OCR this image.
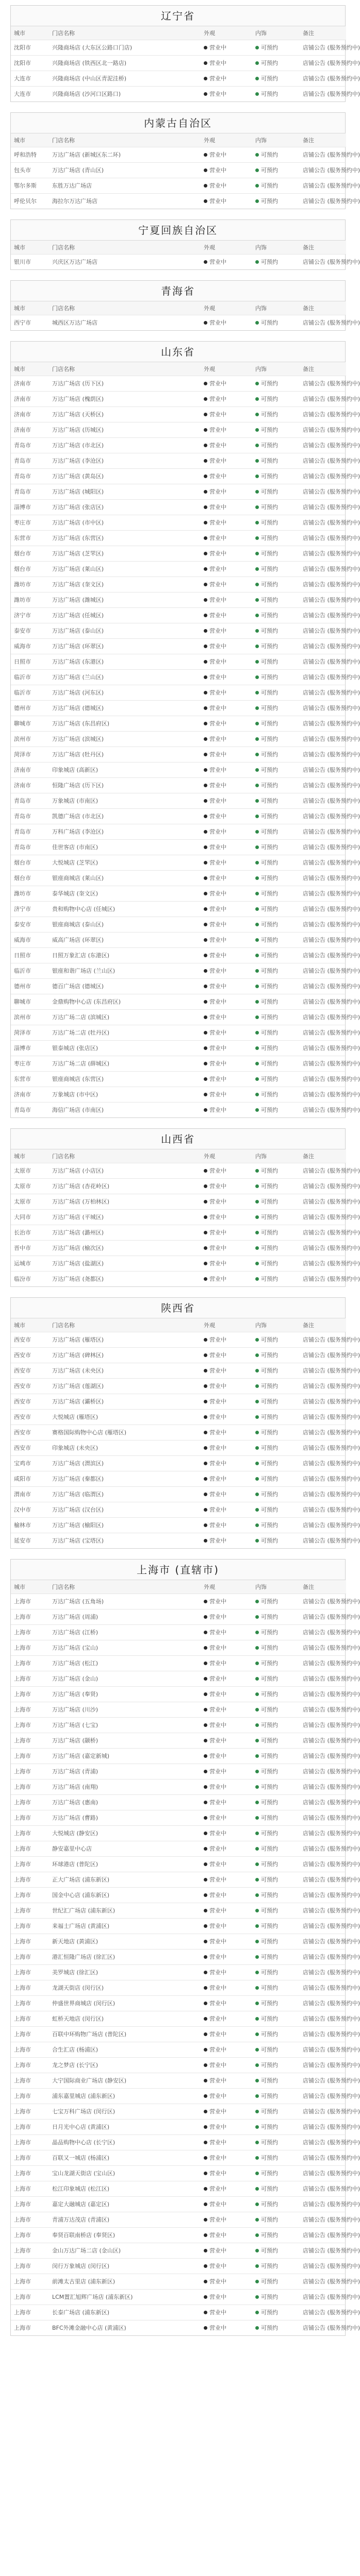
辽宁省
城市	门店名称	外观	内饰	备注
沈阳市	兴隆商场店 (大东区公路口门店)	营业中	可预约	店铺公告 (服务预约中)
沈阳市	兴隆商场店 (铁西区北一路店)	营业中	可预约	店铺公告 (服务预约中)
大连市	兴隆商场店 (中山区青泥洼桥)	营业中	可预约	店铺公告 (服务预约中)
大连市	兴隆商场店 (沙河口区路口)	营业中	可预约	店铺公告 (服务预约中)
内蒙古自治区
城市	门店名称	外观	内饰	备注
呼和浩特	万达广场店 (新城区东二环)	营业中	可预约	店铺公告 (服务预约中)
包头市	万达广场店 (青山区)	营业中	可预约	店铺公告 (服务预约中)
鄂尔多斯	东胜万达广场店	营业中	可预约	店铺公告 (服务预约中)
呼伦贝尔	海拉尔万达广场店	营业中	可预约	店铺公告 (服务预约中)
宁夏回族自治区
城市	门店名称	外观	内饰	备注
银川市	兴庆区万达广场店	营业中	可预约	店铺公告 (服务预约中)
青海省
城市	门店名称	外观	内饰	备注
西宁市	城西区万达广场店	营业中	可预约	店铺公告 (服务预约中)
山东省
城市	门店名称	外观	内饰	备注
济南市	万达广场店 (历下区)	营业中	可预约	店铺公告 (服务预约中)
济南市	万达广场店 (槐荫区)	营业中	可预约	店铺公告 (服务预约中)
济南市	万达广场店 (天桥区)	营业中	可预约	店铺公告 (服务预约中)
济南市	万达广场店 (历城区)	营业中	可预约	店铺公告 (服务预约中)
青岛市	万达广场店 (市北区)	营业中	可预约	店铺公告 (服务预约中)
青岛市	万达广场店 (李沧区)	营业中	可预约	店铺公告 (服务预约中)
青岛市	万达广场店 (黄岛区)	营业中	可预约	店铺公告 (服务预约中)
青岛市	万达广场店 (城阳区)	营业中	可预约	店铺公告 (服务预约中)
淄博市	万达广场店 (张店区)	营业中	可预约	店铺公告 (服务预约中)
枣庄市	万达广场店 (市中区)	营业中	可预约	店铺公告 (服务预约中)
东营市	万达广场店 (东营区)	营业中	可预约	店铺公告 (服务预约中)
烟台市	万达广场店 (芝罘区)	营业中	可预约	店铺公告 (服务预约中)
烟台市	万达广场店 (莱山区)	营业中	可预约	店铺公告 (服务预约中)
潍坊市	万达广场店 (奎文区)	营业中	可预约	店铺公告 (服务预约中)
潍坊市	万达广场店 (潍城区)	营业中	可预约	店铺公告 (服务预约中)
济宁市	万达广场店 (任城区)	营业中	可预约	店铺公告 (服务预约中)
泰安市	万达广场店 (泰山区)	营业中	可预约	店铺公告 (服务预约中)
威海市	万达广场店 (环翠区)	营业中	可预约	店铺公告 (服务预约中)
日照市	万达广场店 (东港区)	营业中	可预约	店铺公告 (服务预约中)
临沂市	万达广场店 (兰山区)	营业中	可预约	店铺公告 (服务预约中)
临沂市	万达广场店 (河东区)	营业中	可预约	店铺公告 (服务预约中)
德州市	万达广场店 (德城区)	营业中	可预约	店铺公告 (服务预约中)
聊城市	万达广场店 (东昌府区)	营业中	可预约	店铺公告 (服务预约中)
滨州市	万达广场店 (滨城区)	营业中	可预约	店铺公告 (服务预约中)
菏泽市	万达广场店 (牡丹区)	营业中	可预约	店铺公告 (服务预约中)
济南市	印象城店 (高新区)	营业中	可预约	店铺公告 (服务预约中)
济南市	恒隆广场店 (历下区)	营业中	可预约	店铺公告 (服务预约中)
青岛市	万象城店 (市南区)	营业中	可预约	店铺公告 (服务预约中)
青岛市	凯德广场店 (市北区)	营业中	可预约	店铺公告 (服务预约中)
青岛市	万科广场店 (李沧区)	营业中	可预约	店铺公告 (服务预约中)
青岛市	佳世客店 (市南区)	营业中	可预约	店铺公告 (服务预约中)
烟台市	大悦城店 (芝罘区)	营业中	可预约	店铺公告 (服务预约中)
烟台市	银座商城店 (莱山区)	营业中	可预约	店铺公告 (服务预约中)
潍坊市	泰华城店 (奎文区)	营业中	可预约	店铺公告 (服务预约中)
济宁市	贵和购物中心店 (任城区)	营业中	可预约	店铺公告 (服务预约中)
泰安市	银座商城店 (泰山区)	营业中	可预约	店铺公告 (服务预约中)
威海市	威高广场店 (环翠区)	营业中	可预约	店铺公告 (服务预约中)
日照市	日照万象汇店 (东港区)	营业中	可预约	店铺公告 (服务预约中)
临沂市	银座和谐广场店 (兰山区)	营业中	可预约	店铺公告 (服务预约中)
德州市	德百广场店 (德城区)	营业中	可预约	店铺公告 (服务预约中)
聊城市	金鼎购物中心店 (东昌府区)	营业中	可预约	店铺公告 (服务预约中)
滨州市	万达广场二店 (滨城区)	营业中	可预约	店铺公告 (服务预约中)
菏泽市	万达广场二店 (牡丹区)	营业中	可预约	店铺公告 (服务预约中)
淄博市	银泰城店 (张店区)	营业中	可预约	店铺公告 (服务预约中)
枣庄市	万达广场二店 (薛城区)	营业中	可预约	店铺公告 (服务预约中)
东营市	银座商城店 (东营区)	营业中	可预约	店铺公告 (服务预约中)
济南市	万象城店 (市中区)	营业中	可预约	店铺公告 (服务预约中)
青岛市	海信广场店 (市南区)	营业中	可预约	店铺公告 (服务预约中)
山西省
城市	门店名称	外观	内饰	备注
太原市	万达广场店 (小店区)	营业中	可预约	店铺公告 (服务预约中)
太原市	万达广场店 (杏花岭区)	营业中	可预约	店铺公告 (服务预约中)
太原市	万达广场店 (万柏林区)	营业中	可预约	店铺公告 (服务预约中)
大同市	万达广场店 (平城区)	营业中	可预约	店铺公告 (服务预约中)
长治市	万达广场店 (潞州区)	营业中	可预约	店铺公告 (服务预约中)
晋中市	万达广场店 (榆次区)	营业中	可预约	店铺公告 (服务预约中)
运城市	万达广场店 (盐湖区)	营业中	可预约	店铺公告 (服务预约中)
临汾市	万达广场店 (尧都区)	营业中	可预约	店铺公告 (服务预约中)
陕西省
城市	门店名称	外观	内饰	备注
西安市	万达广场店 (雁塔区)	营业中	可预约	店铺公告 (服务预约中)
西安市	万达广场店 (碑林区)	营业中	可预约	店铺公告 (服务预约中)
西安市	万达广场店 (未央区)	营业中	可预约	店铺公告 (服务预约中)
西安市	万达广场店 (莲湖区)	营业中	可预约	店铺公告 (服务预约中)
西安市	万达广场店 (灞桥区)	营业中	可预约	店铺公告 (服务预约中)
西安市	大悦城店 (雁塔区)	营业中	可预约	店铺公告 (服务预约中)
西安市	赛格国际购物中心店 (雁塔区)	营业中	可预约	店铺公告 (服务预约中)
西安市	印象城店 (未央区)	营业中	可预约	店铺公告 (服务预约中)
宝鸡市	万达广场店 (渭滨区)	营业中	可预约	店铺公告 (服务预约中)
咸阳市	万达广场店 (秦都区)	营业中	可预约	店铺公告 (服务预约中)
渭南市	万达广场店 (临渭区)	营业中	可预约	店铺公告 (服务预约中)
汉中市	万达广场店 (汉台区)	营业中	可预约	店铺公告 (服务预约中)
榆林市	万达广场店 (榆阳区)	营业中	可预约	店铺公告 (服务预约中)
延安市	万达广场店 (宝塔区)	营业中	可预约	店铺公告 (服务预约中)
上海市 (直辖市)
城市	门店名称	外观	内饰	备注
上海市	万达广场店 (五角场)	营业中	可预约	店铺公告 (服务预约中)
上海市	万达广场店 (周浦)	营业中	可预约	店铺公告 (服务预约中)
上海市	万达广场店 (江桥)	营业中	可预约	店铺公告 (服务预约中)
上海市	万达广场店 (宝山)	营业中	可预约	店铺公告 (服务预约中)
上海市	万达广场店 (松江)	营业中	可预约	店铺公告 (服务预约中)
上海市	万达广场店 (金山)	营业中	可预约	店铺公告 (服务预约中)
上海市	万达广场店 (奉贤)	营业中	可预约	店铺公告 (服务预约中)
上海市	万达广场店 (川沙)	营业中	可预约	店铺公告 (服务预约中)
上海市	万达广场店 (七宝)	营业中	可预约	店铺公告 (服务预约中)
上海市	万达广场店 (颛桥)	营业中	可预约	店铺公告 (服务预约中)
上海市	万达广场店 (嘉定新城)	营业中	可预约	店铺公告 (服务预约中)
上海市	万达广场店 (青浦)	营业中	可预约	店铺公告 (服务预约中)
上海市	万达广场店 (南翔)	营业中	可预约	店铺公告 (服务预约中)
上海市	万达广场店 (惠南)	营业中	可预约	店铺公告 (服务预约中)
上海市	万达广场店 (曹路)	营业中	可预约	店铺公告 (服务预约中)
上海市	大悦城店 (静安区)	营业中	可预约	店铺公告 (服务预约中)
上海市	静安嘉里中心店	营业中	可预约	店铺公告 (服务预约中)
上海市	环球港店 (普陀区)	营业中	可预约	店铺公告 (服务预约中)
上海市	正大广场店 (浦东新区)	营业中	可预约	店铺公告 (服务预约中)
上海市	国金中心店 (浦东新区)	营业中	可预约	店铺公告 (服务预约中)
上海市	世纪汇广场店 (浦东新区)	营业中	可预约	店铺公告 (服务预约中)
上海市	来福士广场店 (黄浦区)	营业中	可预约	店铺公告 (服务预约中)
上海市	新天地店 (黄浦区)	营业中	可预约	店铺公告 (服务预约中)
上海市	港汇恒隆广场店 (徐汇区)	营业中	可预约	店铺公告 (服务预约中)
上海市	美罗城店 (徐汇区)	营业中	可预约	店铺公告 (服务预约中)
上海市	龙湖天街店 (闵行区)	营业中	可预约	店铺公告 (服务预约中)
上海市	仲盛世界商城店 (闵行区)	营业中	可预约	店铺公告 (服务预约中)
上海市	虹桥天地店 (闵行区)	营业中	可预约	店铺公告 (服务预约中)
上海市	百联中环购物广场店 (普陀区)	营业中	可预约	店铺公告 (服务预约中)
上海市	合生汇店 (杨浦区)	营业中	可预约	店铺公告 (服务预约中)
上海市	龙之梦店 (长宁区)	营业中	可预约	店铺公告 (服务预约中)
上海市	大宁国际商业广场店 (静安区)	营业中	可预约	店铺公告 (服务预约中)
上海市	浦东嘉里城店 (浦东新区)	营业中	可预约	店铺公告 (服务预约中)
上海市	七宝万科广场店 (闵行区)	营业中	可预约	店铺公告 (服务预约中)
上海市	日月光中心店 (黄浦区)	营业中	可预约	店铺公告 (服务预约中)
上海市	晶品购物中心店 (长宁区)	营业中	可预约	店铺公告 (服务预约中)
上海市	百联又一城店 (杨浦区)	营业中	可预约	店铺公告 (服务预约中)
上海市	宝山龙湖天街店 (宝山区)	营业中	可预约	店铺公告 (服务预约中)
上海市	松江印象城店 (松江区)	营业中	可预约	店铺公告 (服务预约中)
上海市	嘉定大融城店 (嘉定区)	营业中	可预约	店铺公告 (服务预约中)
上海市	青浦万达茂店 (青浦区)	营业中	可预约	店铺公告 (服务预约中)
上海市	奉贤百联南桥店 (奉贤区)	营业中	可预约	店铺公告 (服务预约中)
上海市	金山万达广场二店 (金山区)	营业中	可预约	店铺公告 (服务预约中)
上海市	闵行万象城店 (闵行区)	营业中	可预约	店铺公告 (服务预约中)
上海市	前滩太古里店 (浦东新区)	营业中	可预约	店铺公告 (服务预约中)
上海市	LCM置汇旭辉广场店 (浦东新区)	营业中	可预约	店铺公告 (服务预约中)
上海市	长泰广场店 (浦东新区)	营业中	可预约	店铺公告 (服务预约中)
上海市	BFC外滩金融中心店 (黄浦区)	营业中	可预约	店铺公告 (服务预约中)
